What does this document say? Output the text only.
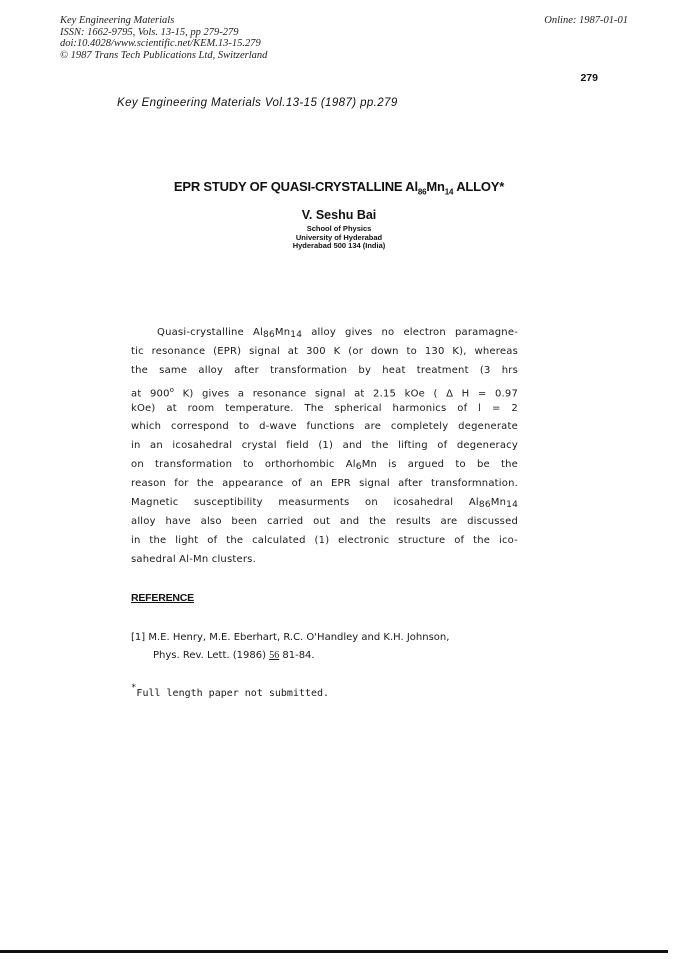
Key Engineering Materials
ISSN: 1662-9795, Vols. 13-15, pp 279-279
doi:10.4028/www.scientific.net/KEM.13-15.279
© 1987 Trans Tech Publications Ltd, Switzerland
Online: 1987-01-01
279
Key Engineering Materials Vol.13-15 (1987) pp.279
EPR STUDY OF QUASI-CRYSTALLINE $Al_{86}Mn_{14}$ ALLOY*
V. Seshu Bai
School of Physics
University of Hyderabad
Hyderabad 500 134 (India)
Quasi-crystalline $Al_{86}Mn_{14}$ alloy gives no electron paramagne-
tic resonance (EPR) signal at 300 K (or down to 130 K), whereas
the same alloy after transformation by heat treatment (3 hrs
at 900$^o$ K) gives a resonance signal at 2.15 kOe ( Δ H = 0.97
kOe) at room temperature. The spherical harmonics of l = 2
which correspond to d-wave functions are completely degenerate
in an icosahedral crystal field (1) and the lifting of degeneracy
on transformation to orthorhombic $Al_6Mn$ is argued to be the
reason for the appearance of an EPR signal after transformnation.
Magnetic susceptibility measurments on icosahedral $Al_{86}Mn_{14}$
alloy have also been carried out and the results are discussed
in the light of the calculated (1) electronic structure of the ico-
sahedral Al-Mn clusters.
REFERENCE
[1] M.E. Henry, M.E. Eberhart, R.C. O'Handley and K.H. Johnson,
Phys. Rev. Lett. (1986) 56 81-84.
*Full length paper not submitted.
